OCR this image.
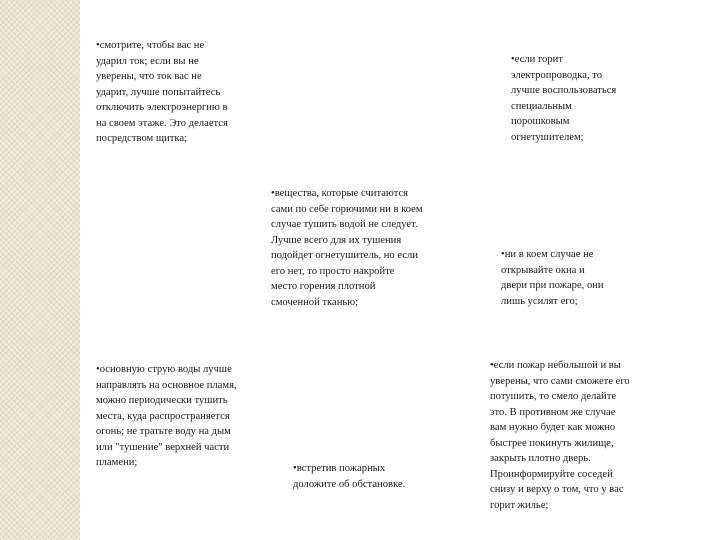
•смотрите, чтобы вас не
ударил ток; если вы не
уверены, что ток вас не
ударит, лучше попытайтесь
отключить электроэнергию в
на своем этаже. Это делается
посредством щитка;

•если горит
электропроводка, то
лучше воспользоваться
специальным
порошковым
огнетушителем;

•вещества, которые считаются
сами по себе горючими ни в коем
случае тушить водой не следует.
Лучше всего для их тушения
подойдет огнетушитель, но если
его нет, то просто накройте
место горения плотной
смоченной тканью;

•ни в коем случае не
открывайте окна и
двери при пожаре, они
лишь усилят его;

•основную струю воды лучше
направлять на основное пламя,
можно периодически тушить
места, куда распространяется
огонь; не тратьте воду на дым
или "тушение" верхней части
пламени;

•если пожар небольшой и вы
уверены, что сами сможете его
потушить, то смело делайте
это. В противном же случае
вам нужно будет как можно
быстрее покинуть жилище,
закрыть плотно дверь.
Проинформируйте соседей
снизу и верху о том, что у вас
горит жилье;

•встретив пожарных
доложите об обстановке.
